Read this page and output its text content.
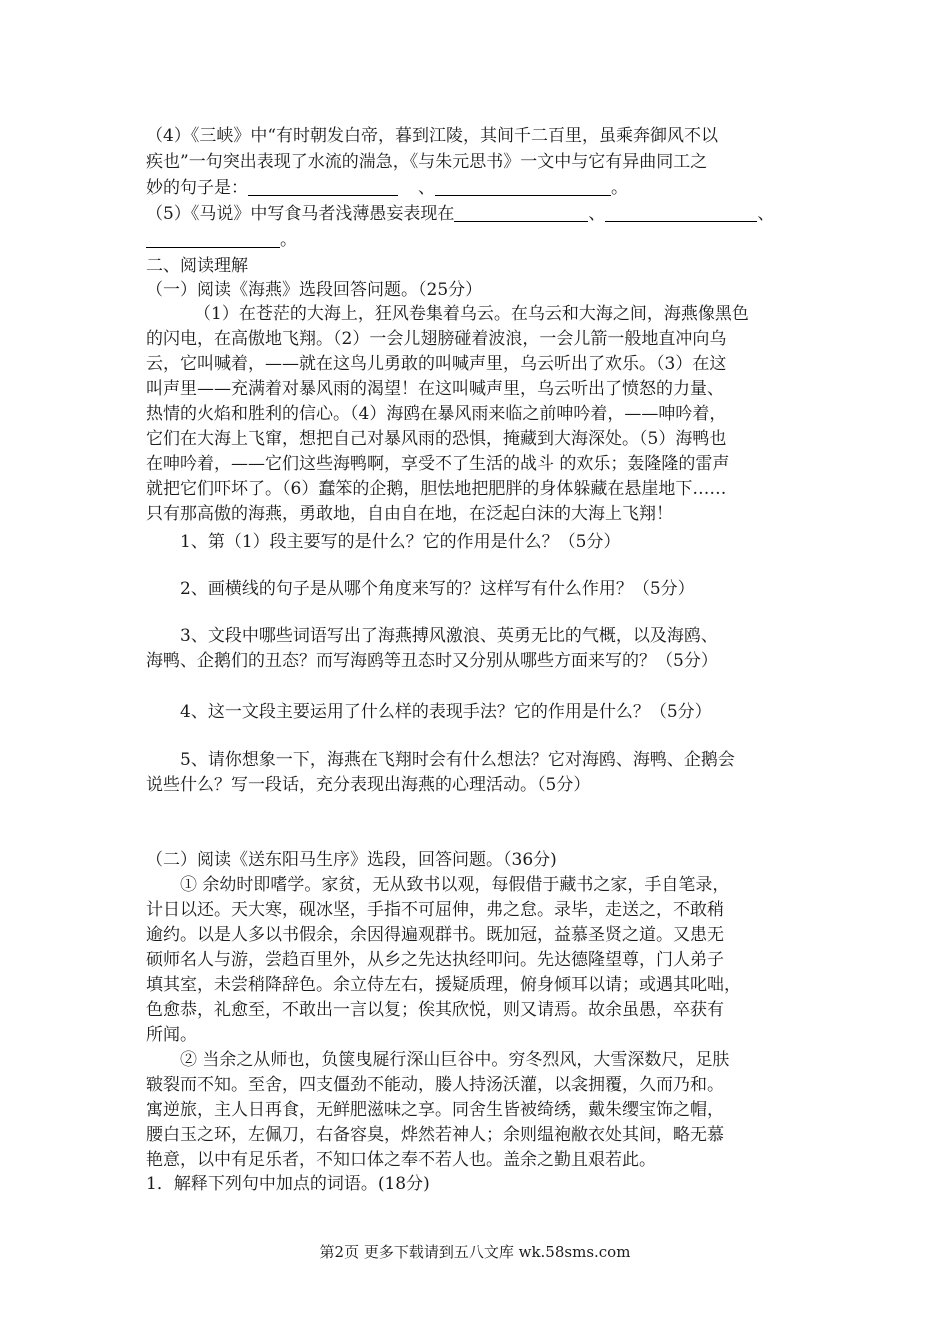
（4）《三峡》中“有时朝发白帝，暮到江陵，其间千二百里，虽乘奔御风不以
疾也”一句突出表现了水流的湍急，《与朱元思书》一文中与它有异曲同工之
妙的句子是：	、	。
（5）《马说》中写食马者浅薄愚妄表现在	、	、
。
二、阅读理解
（一）阅读《海燕》选段回答问题。（25分）
（1）在苍茫的大海上，狂风卷集着乌云。在乌云和大海之间，海燕像黑色
的闪电，在高傲地飞翔。（2）一会儿翅膀碰着波浪，一会儿箭一般地直冲向乌
云，它叫喊着，——就在这鸟儿勇敢的叫喊声里，乌云听出了欢乐。（3）在这
叫声里——充满着对暴风雨的渴望！在这叫喊声里，乌云听出了愤怒的力量、
热情的火焰和胜利的信心。（4）海鸥在暴风雨来临之前呻吟着，——呻吟着，
它们在大海上飞窜，想把自己对暴风雨的恐惧，掩藏到大海深处。（5）海鸭也
在呻吟着，——它们这些海鸭啊，享受不了生活的战斗 的欢乐；轰隆隆的雷声
就把它们吓坏了。（6）蠢笨的企鹅，胆怯地把肥胖的身体躲藏在悬崖地下……
只有那高傲的海燕，勇敢地，自由自在地，在泛起白沫的大海上飞翔！
1、第（1）段主要写的是什么？它的作用是什么？（5分）
2、画横线的句子是从哪个角度来写的？这样写有什么作用？（5分）
3、文段中哪些词语写出了海燕搏风激浪、英勇无比的气概，以及海鸥、
海鸭、企鹅们的丑态？而写海鸥等丑态时又分别从哪些方面来写的？（5分）
4、这一文段主要运用了什么样的表现手法？它的作用是什么？（5分）
5、请你想象一下，海燕在飞翔时会有什么想法？它对海鸥、海鸭、企鹅会
说些什么？写一段话，充分表现出海燕的心理活动。（5分）
（二）阅读《送东阳马生序》选段，回答问题。（36分)
① 余幼时即嗜学。家贫，无从致书以观，每假借于藏书之家，手自笔录，
计日以还。天大寒，砚冰坚，手指不可屈伸，弗之怠。录毕，走送之，不敢稍
逾约。以是人多以书假余，余因得遍观群书。既加冠，益慕圣贤之道。又患无
硕师名人与游，尝趋百里外，从乡之先达执经叩问。先达德隆望尊，门人弟子
填其室，未尝稍降辞色。余立侍左右，援疑质理，俯身倾耳以请；或遇其叱咄，
色愈恭，礼愈至，不敢出一言以复；俟其欣悦，则又请焉。故余虽愚，卒获有
所闻。
② 当余之从师也，负箧曳屣行深山巨谷中。穷冬烈风，大雪深数尺，足肤
皲裂而不知。至舍，四支僵劲不能动，媵人持汤沃灌，以衾拥覆，久而乃和。
寓逆旅，主人日再食，无鲜肥滋味之享。同舍生皆被绮绣，戴朱缨宝饰之帽，
腰白玉之环，左佩刀，右备容臭，烨然若神人；余则缊袍敝衣处其间，略无慕
艳意，以中有足乐者，不知口体之奉不若人也。盖余之勤且艰若此。
1．解释下列句中加点的词语。(18分)
第2页 更多下载请到五八文库 wk.58sms.com
